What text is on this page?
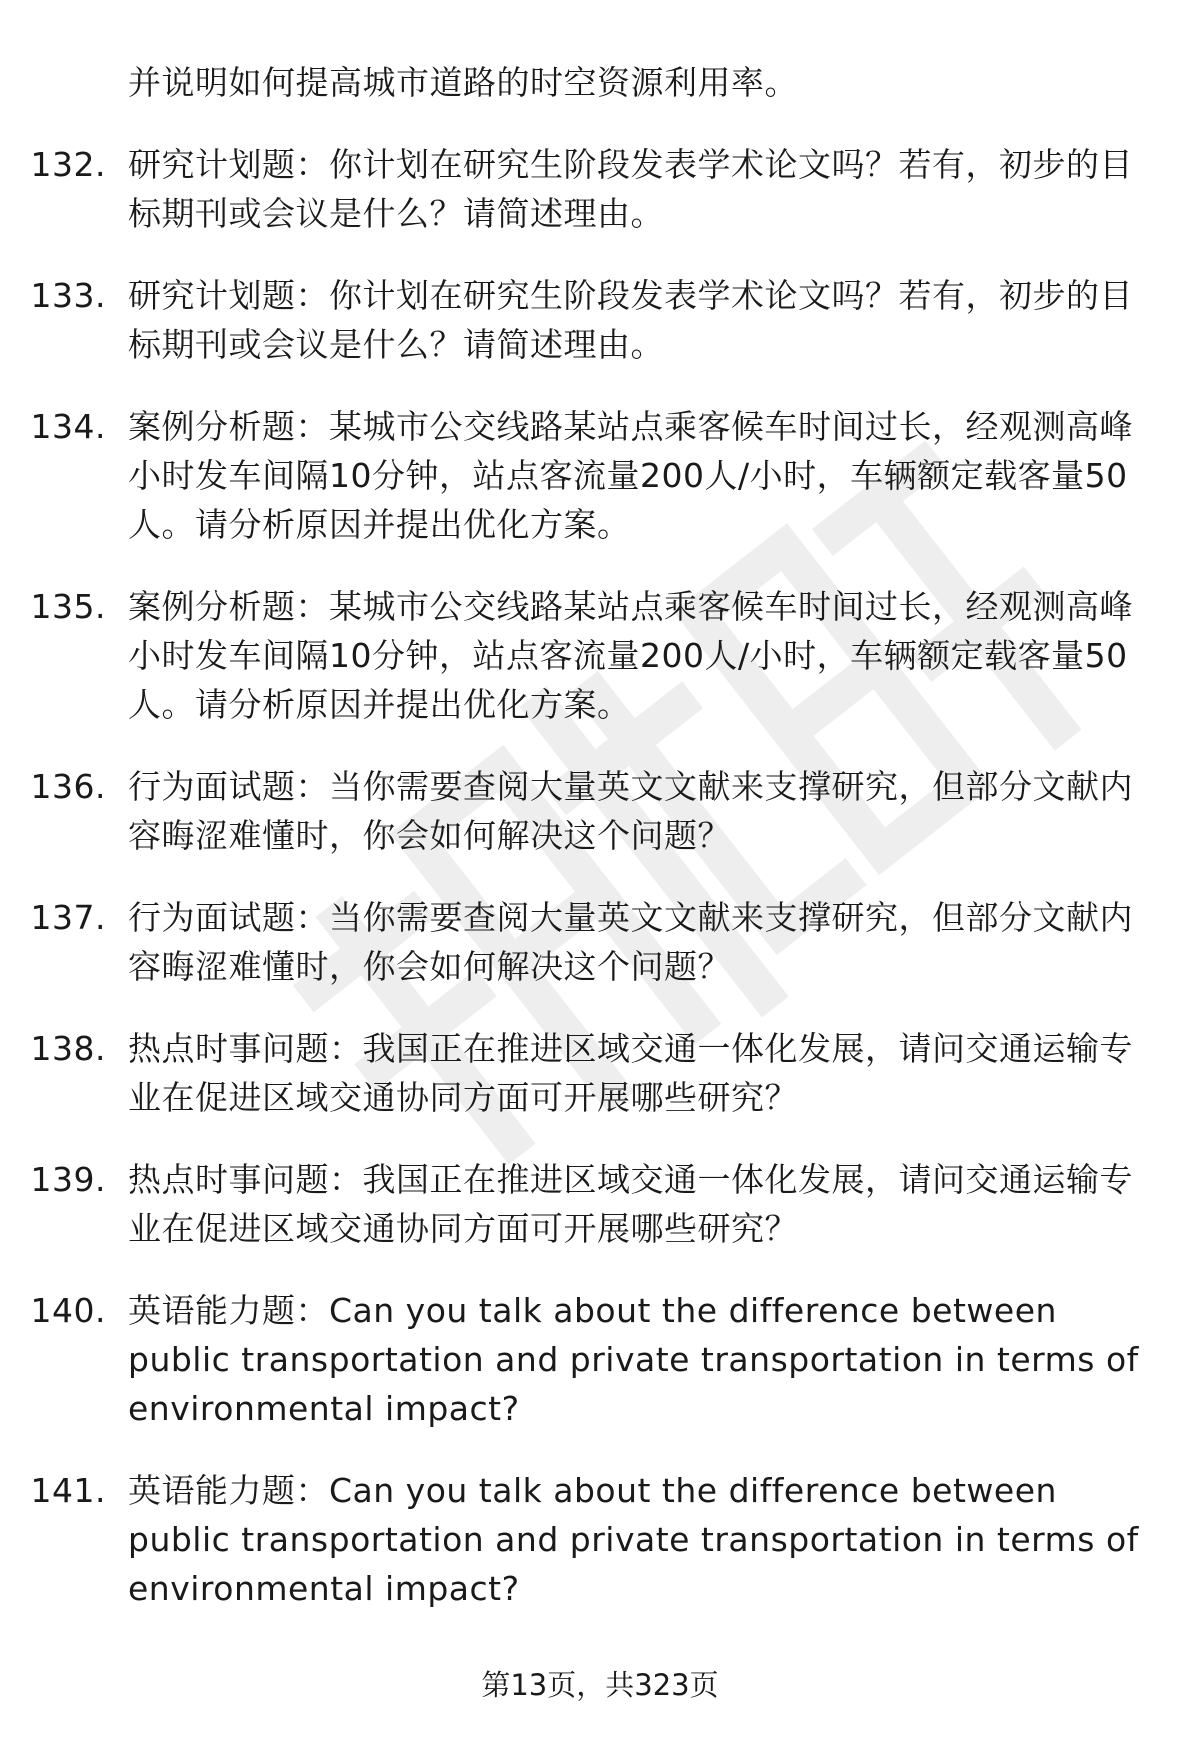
并说明如何提高城市道路的时空资源利用率。

132. 研究计划题：你计划在研究生阶段发表学术论文吗？若有，初步的目标期刊或会议是什么？请简述理由。

133. 研究计划题：你计划在研究生阶段发表学术论文吗？若有，初步的目标期刊或会议是什么？请简述理由。

134. 案例分析题：某城市公交线路某站点乘客候车时间过长，经观测高峰小时发车间隔10分钟，站点客流量200人/小时，车辆额定载客量50人。请分析原因并提出优化方案。

135. 案例分析题：某城市公交线路某站点乘客候车时间过长，经观测高峰小时发车间隔10分钟，站点客流量200人/小时，车辆额定载客量50人。请分析原因并提出优化方案。

136. 行为面试题：当你需要查阅大量英文文献来支撑研究，但部分文献内容晦涩难懂时，你会如何解决这个问题？

137. 行为面试题：当你需要查阅大量英文文献来支撑研究，但部分文献内容晦涩难懂时，你会如何解决这个问题？

138. 热点时事问题：我国正在推进区域交通一体化发展，请问交通运输专业在促进区域交通协同方面可开展哪些研究？

139. 热点时事问题：我国正在推进区域交通一体化发展，请问交通运输专业在促进区域交通协同方面可开展哪些研究？

140. 英语能力题：Can you talk about the difference between public transportation and private transportation in terms of environmental impact?

141. 英语能力题：Can you talk about the difference between public transportation and private transportation in terms of environmental impact?

第13页，共323页
